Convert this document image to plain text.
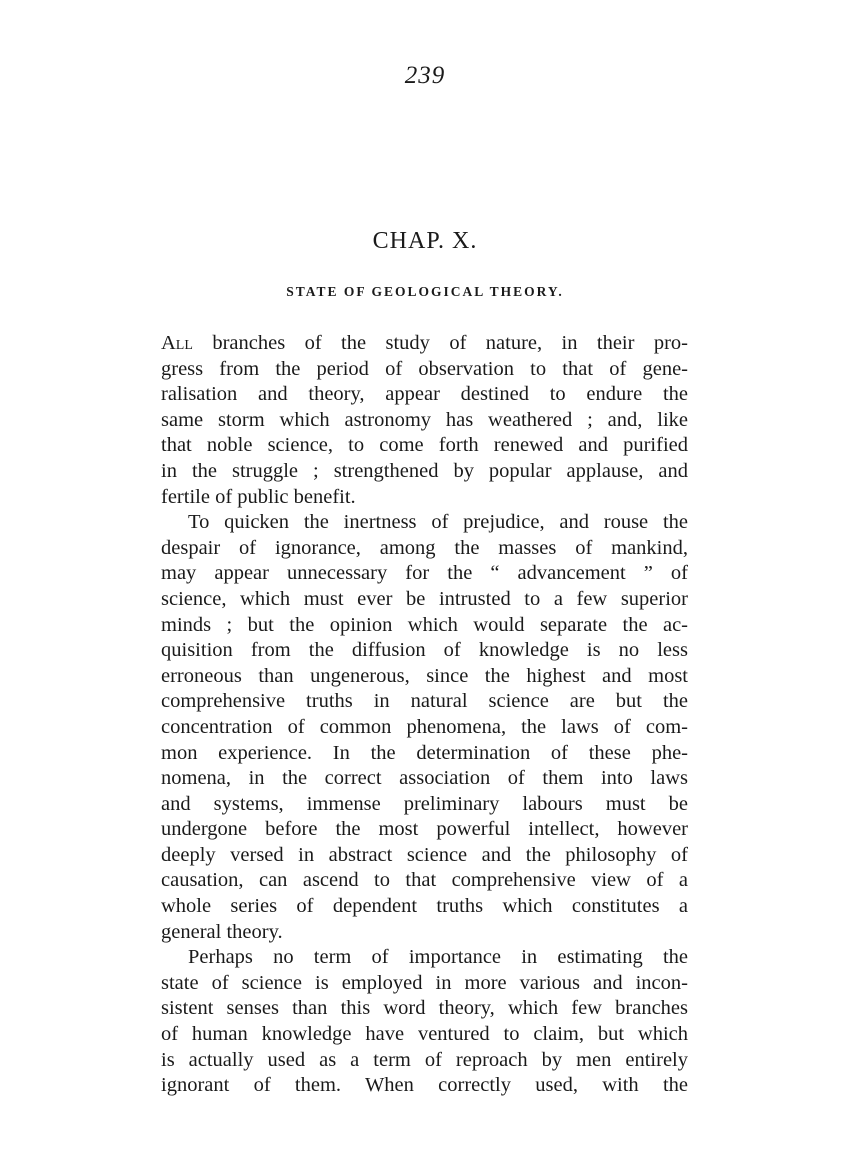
239
CHAP. X.
STATE OF GEOLOGICAL THEORY.
All branches of the study of nature, in their pro-
gress from the period of observation to that of gene-
ralisation and theory, appear destined to endure the
same storm which astronomy has weathered ; and, like
that noble science, to come forth renewed and purified
in the struggle ; strengthened by popular applause, and
fertile of public benefit.
To quicken the inertness of prejudice, and rouse the
despair of ignorance, among the masses of mankind,
may appear unnecessary for the “ advancement ” of
science, which must ever be intrusted to a few superior
minds ; but the opinion which would separate the ac-
quisition from the diffusion of knowledge is no less
erroneous than ungenerous, since the highest and most
comprehensive truths in natural science are but the
concentration of common phenomena, the laws of com-
mon experience. In the determination of these phe-
nomena, in the correct association of them into laws
and systems, immense preliminary labours must be
undergone before the most powerful intellect, however
deeply versed in abstract science and the philosophy of
causation, can ascend to that comprehensive view of a
whole series of dependent truths which constitutes a
general theory.
Perhaps no term of importance in estimating the
state of science is employed in more various and incon-
sistent senses than this word theory, which few branches
of human knowledge have ventured to claim, but which
is actually used as a term of reproach by men entirely
ignorant of them. When correctly used, with the
